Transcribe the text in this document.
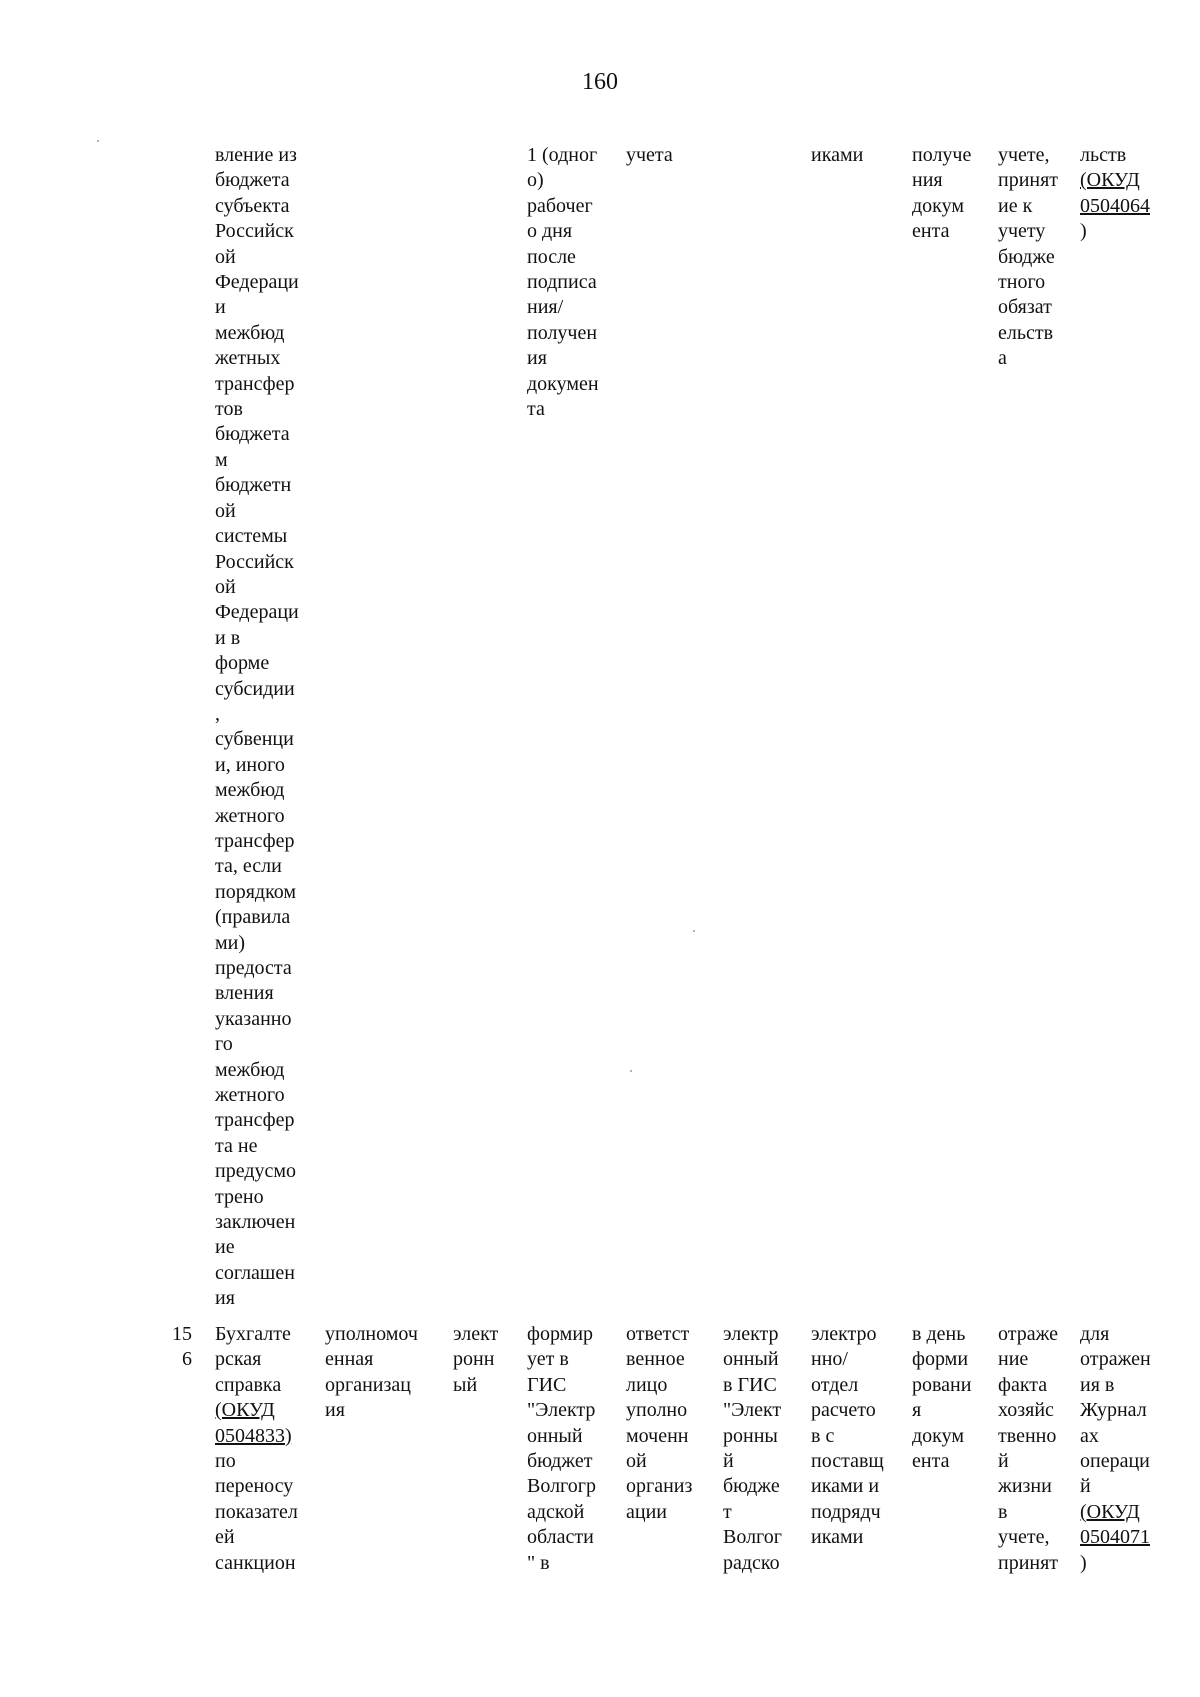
160
вление из
бюджета
субъекта
Российск
ой
Федераци
и
межбюд
жетных
трансфер
тов
бюджета
м
бюджетн
ой
системы
Российск
ой
Федераци
и в
форме
субсидии
,
субвенци
и, иного
межбюд
жетного
трансфер
та, если
порядком
(правила
ми)
предоста
вления
указанно
го
межбюд
жетного
трансфер
та не
предусмо
трено
заключен
ие
соглашен
ия
1 (одног
о)
рабочег
о дня
после
подписа
ния/
получен
ия
докумен
та
учета	иками получе
ния
докум
ента
учете,
принят
ие к
учету
бюдже
тного
обязат
ельств
а
льств
(ОКУД
0504064
)
15
6
Бухгалте
рская
справка
(ОКУД
0504833)
по
переносу
показател
ей
санкцион
уполномоч
енная
организац
ия
элект
ронн
ый
формир
ует в
ГИС
"Электр
онный
бюджет
Волгогр
адской
области
" в
ответст
венное
лицо
уполно
моченн
ой
организ
ации
электр
онный
в ГИС
"Элект
ронны
й
бюдже
т
Волгог
радско
электро
нно/
отдел
расчето
в с
поставщ
иками и
подрядч
иками
в день
форми
ровани
я
докум
ента
отраже
ние
факта
хозяйс
твенно
й
жизни
в
учете,
принят
для
отражен
ия в
Журнал
ах
операци
й
(ОКУД
0504071
)
